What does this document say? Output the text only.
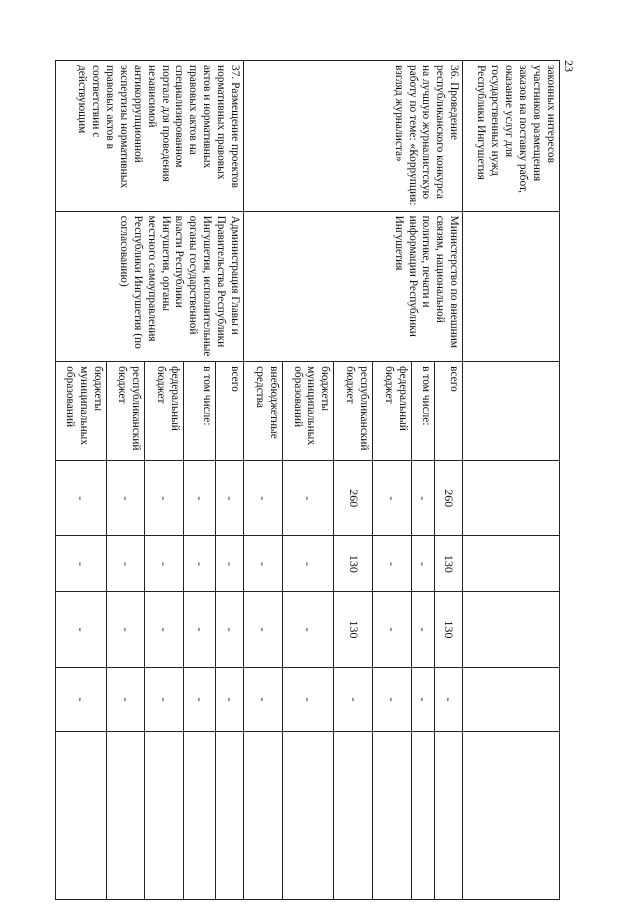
23
законных интересов участников размещения заказов на поставку работ, оказание услуг для государственных нужд Республики Ингушетия							
36. Проведение республиканского конкурса на лучшую журналистскую работу по теме: «Коррупция: взгляд журналиста»	Министерство по внешним связям, национальной политике, печати и информации Республики Ингушетия	всего	260	130	130	-	
		в том числе:	-	-	-	-	
		федеральный бюджет	-	-	-	-	
		республиканский бюджет	260	130	130	-	
		бюджеты муниципальных образований	-	-	-	-	
		внебюджетные средства	-	-	-	-	
37. Размещение проектов нормативных правовых актов и нормативных правовых актов на специализированном портале для проведения независимой антикоррупционной экспертизы нормативных правовых актов в соответствии с действующим	Администрация Главы и Правительства Республики Ингушетия, исполнительные органы государственной власти Республики Ингушетия, органы местного самоуправления Республики Ингушетия (по согласованию)	всего	-	-	-	-	
		в том числе:	-	-	-	-	
		федеральный бюджет	-	-	-	-	
		республиканский бюджет	-	-	-	-	
		бюджеты муниципальных образований	-	-	-	-	
